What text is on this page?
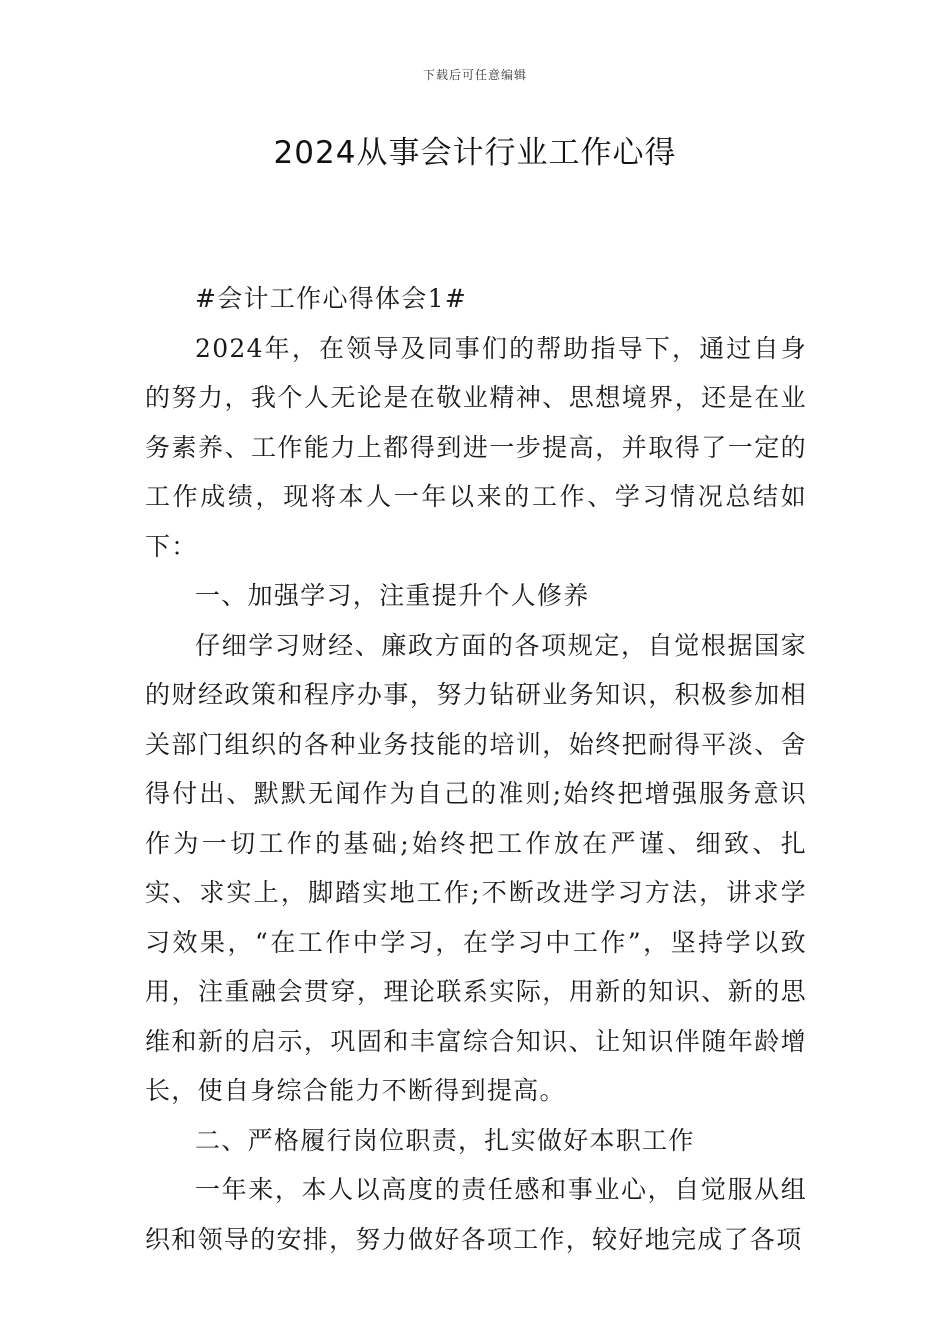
下载后可任意编辑
2024从事会计行业工作心得

#会计工作心得体会1#

2024年，在领导及同事们的帮助指导下，通过自身的努力，我个人无论是在敬业精神、思想境界，还是在业务素养、工作能力上都得到进一步提高，并取得了一定的工作成绩，现将本人一年以来的工作、学习情况总结如下：

一、加强学习，注重提升个人修养

仔细学习财经、廉政方面的各项规定，自觉根据国家的财经政策和程序办事，努力钻研业务知识，积极参加相关部门组织的各种业务技能的培训，始终把耐得平淡、舍得付出、默默无闻作为自己的准则;始终把增强服务意识作为一切工作的基础;始终把工作放在严谨、细致、扎实、求实上，脚踏实地工作;不断改进学习方法，讲求学习效果，“在工作中学习，在学习中工作”，坚持学以致用，注重融会贯穿，理论联系实际，用新的知识、新的思维和新的启示，巩固和丰富综合知识、让知识伴随年龄增长，使自身综合能力不断得到提高。

二、严格履行岗位职责，扎实做好本职工作

一年来，本人以高度的责任感和事业心，自觉服从组织和领导的安排，努力做好各项工作，较好地完成了各项
